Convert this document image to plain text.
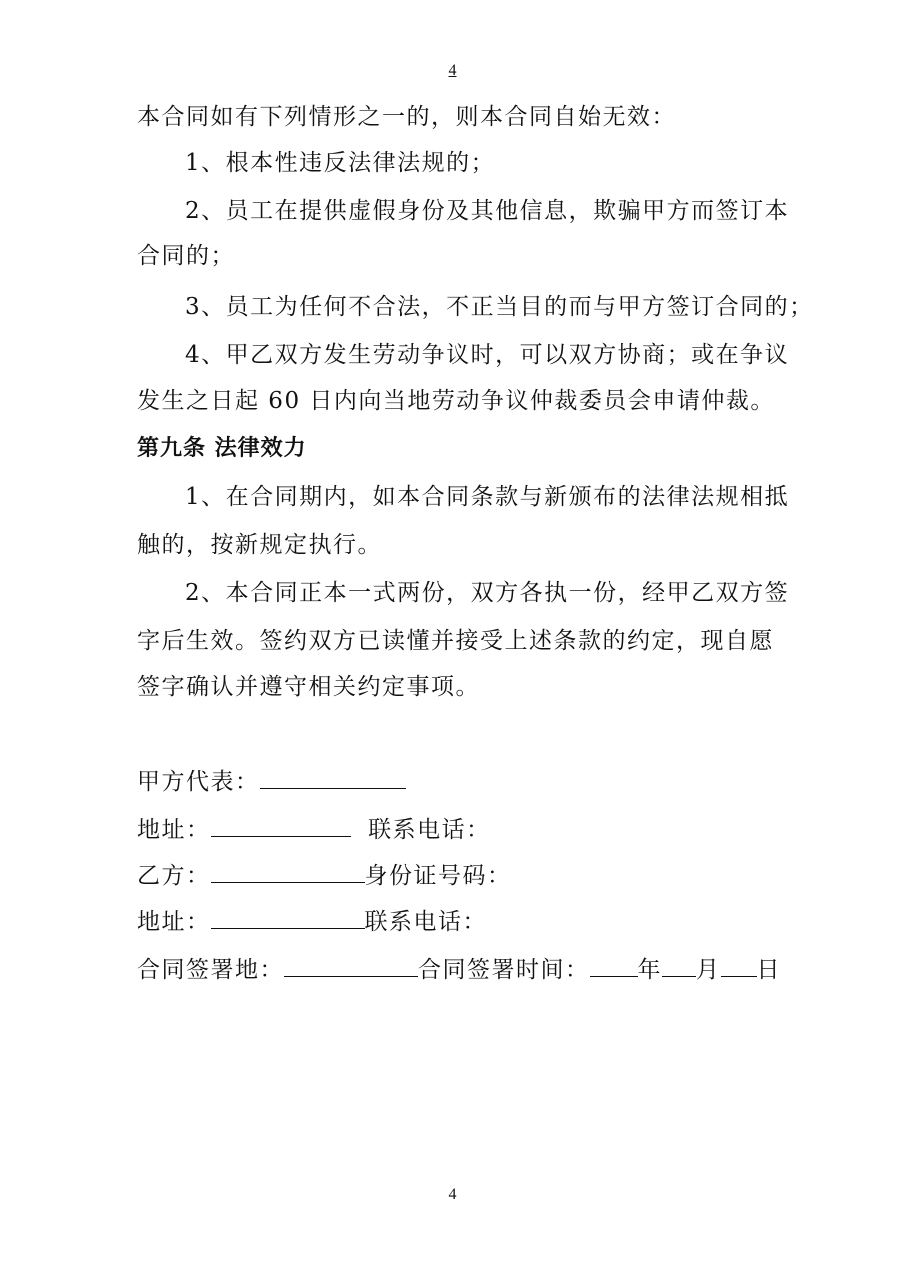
4
本合同如有下列情形之一的，则本合同自始无效：
1、根本性违反法律法规的；
2、员工在提供虚假身份及其他信息，欺骗甲方而签订本
合同的；
3、员工为任何不合法，不正当目的而与甲方签订合同的；
4、甲乙双方发生劳动争议时，可以双方协商；或在争议
发生之日起 60 日内向当地劳动争议仲裁委员会申请仲裁。
第九条 法律效力
1、在合同期内，如本合同条款与新颁布的法律法规相抵
触的，按新规定执行。
2、本合同正本一式两份，双方各执一份，经甲乙双方签
字后生效。签约双方已读懂并接受上述条款的约定，现自愿
签字确认并遵守相关约定事项。
甲方代表：
地址：	联系电话：
乙方：	身份证号码：
地址：	联系电话：
合同签署地：	合同签署时间： 年 月 日
4
